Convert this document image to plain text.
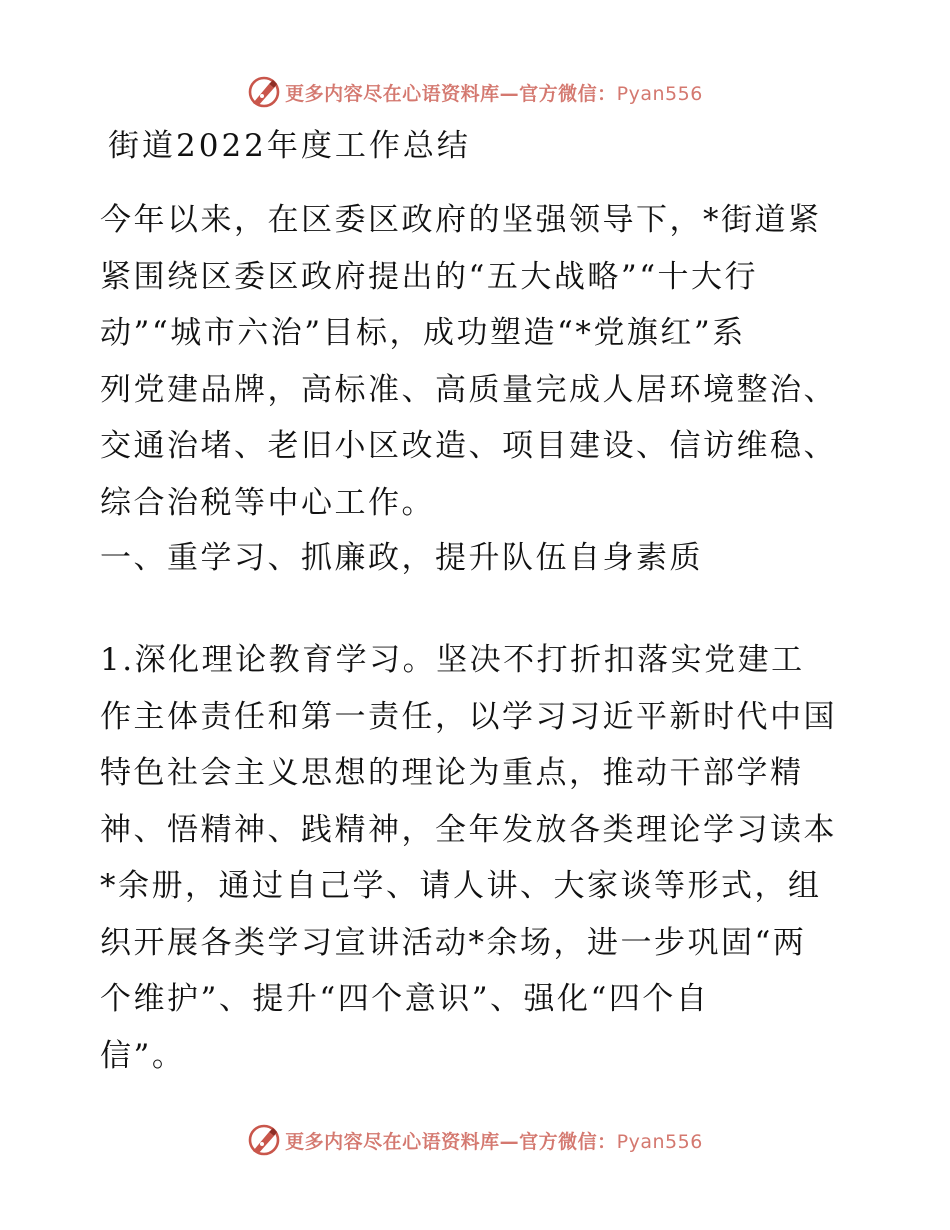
更多内容尽在心语资料库—官方微信：Pyan556
街道2022年度工作总结

今年以来，在区委区政府的坚强领导下，*街道紧
紧围绕区委区政府提出的“五大战略”“十大行
动”“城市六治”目标，成功塑造“*党旗红”系
列党建品牌，高标准、高质量完成人居环境整治、
交通治堵、老旧小区改造、项目建设、信访维稳、
综合治税等中心工作。

一、重学习、抓廉政，提升队伍自身素质

1.深化理论教育学习。坚决不打折扣落实党建工
作主体责任和第一责任，以学习习近平新时代中国
特色社会主义思想的理论为重点，推动干部学精
神、悟精神、践精神，全年发放各类理论学习读本
*余册，通过自己学、请人讲、大家谈等形式，组
织开展各类学习宣讲活动*余场，进一步巩固“两
个维护”、提升“四个意识”、强化“四个自
信”。

更多内容尽在心语资料库—官方微信：Pyan556
